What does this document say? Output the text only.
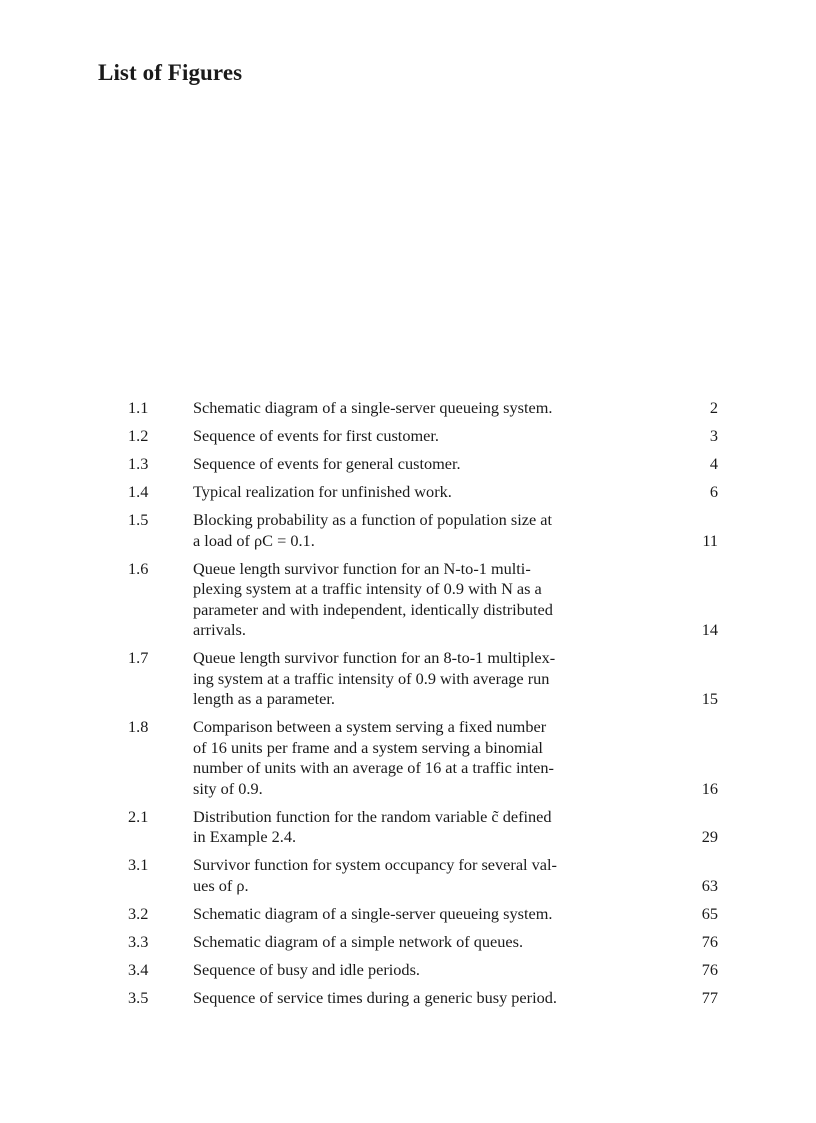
List of Figures
1.1	Schematic diagram of a single-server queueing system.	2
1.2	Sequence of events for first customer.	3
1.3	Sequence of events for general customer.	4
1.4	Typical realization for unfinished work.	6
1.5	Blocking probability as a function of population size at
a load of ρC = 0.1.	11
1.6	Queue length survivor function for an N-to-1 multi-
plexing system at a traffic intensity of 0.9 with N as a
parameter and with independent, identically distributed
arrivals.	14
1.7	Queue length survivor function for an 8-to-1 multiplex-
ing system at a traffic intensity of 0.9 with average run
length as a parameter.	15
1.8	Comparison between a system serving a fixed number
of 16 units per frame and a system serving a binomial
number of units with an average of 16 at a traffic inten-
sity of 0.9.	16
2.1	Distribution function for the random variable c̃ defined
in Example 2.4.	29
3.1	Survivor function for system occupancy for several val-
ues of ρ.	63
3.2	Schematic diagram of a single-server queueing system.	65
3.3	Schematic diagram of a simple network of queues.	76
3.4	Sequence of busy and idle periods.	76
3.5	Sequence of service times during a generic busy period.	77
